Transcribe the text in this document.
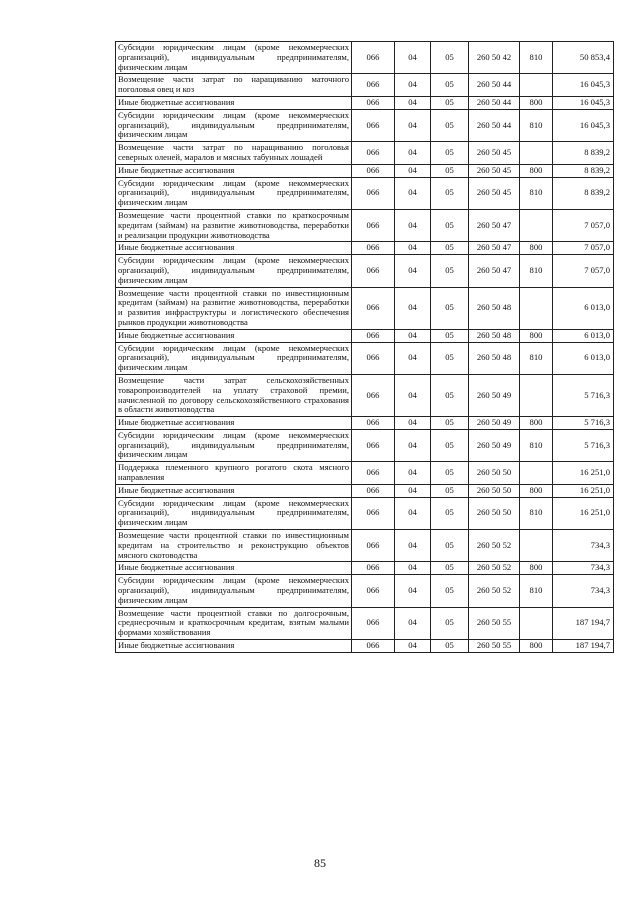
Субсидии юридическим лицам (кроме некоммерческих организаций), индивидуальным предпринимателям, физическим лицам	066	04	05	260 50 42	810	50 853,4
Возмещение части затрат по наращиванию маточного поголовья овец и коз	066	04	05	260 50 44		16 045,3
Иные бюджетные ассигнования	066	04	05	260 50 44	800	16 045,3
Субсидии юридическим лицам (кроме некоммерческих организаций), индивидуальным предпринимателям, физическим лицам	066	04	05	260 50 44	810	16 045,3
Возмещение части затрат по наращиванию поголовья северных оленей, маралов и мясных табунных лошадей	066	04	05	260 50 45		8 839,2
Иные бюджетные ассигнования	066	04	05	260 50 45	800	8 839,2
Субсидии юридическим лицам (кроме некоммерческих организаций), индивидуальным предпринимателям, физическим лицам	066	04	05	260 50 45	810	8 839,2
Возмещение части процентной ставки по краткосрочным кредитам (займам) на развитие животноводства, переработки и реализации продукции животноводства	066	04	05	260 50 47		7 057,0
Иные бюджетные ассигнования	066	04	05	260 50 47	800	7 057,0
Субсидии юридическим лицам (кроме некоммерческих организаций), индивидуальным предпринимателям, физическим лицам	066	04	05	260 50 47	810	7 057,0
Возмещение части процентной ставки по инвестиционным кредитам (займам) на развитие животноводства, переработки и развития инфраструктуры и логистического обеспечения рынков продукции животноводства	066	04	05	260 50 48		6 013,0
Иные бюджетные ассигнования	066	04	05	260 50 48	800	6 013,0
Субсидии юридическим лицам (кроме некоммерческих организаций), индивидуальным предпринимателям, физическим лицам	066	04	05	260 50 48	810	6 013,0
Возмещение части затрат сельскохозяйственных товаропроизводителей на уплату страховой премии, начисленной по договору сельскохозяйственного страхования в области животноводства	066	04	05	260 50 49		5 716,3
Иные бюджетные ассигнования	066	04	05	260 50 49	800	5 716,3
Субсидии юридическим лицам (кроме некоммерческих организаций), индивидуальным предпринимателям, физическим лицам	066	04	05	260 50 49	810	5 716,3
Поддержка племенного крупного рогатого скота мясного направления	066	04	05	260 50 50		16 251,0
Иные бюджетные ассигнования	066	04	05	260 50 50	800	16 251,0
Субсидии юридическим лицам (кроме некоммерческих организаций), индивидуальным предпринимателям, физическим лицам	066	04	05	260 50 50	810	16 251,0
Возмещение части процентной ставки по инвестиционным кредитам на строительство и реконструкцию объектов мясного скотоводства	066	04	05	260 50 52		734,3
Иные бюджетные ассигнования	066	04	05	260 50 52	800	734,3
Субсидии юридическим лицам (кроме некоммерческих организаций), индивидуальным предпринимателям, физическим лицам	066	04	05	260 50 52	810	734,3
Возмещение части процентной ставки по долгосрочным, среднесрочным и краткосрочным кредитам, взятым малыми формами хозяйствования	066	04	05	260 50 55		187 194,7
Иные бюджетные ассигнования	066	04	05	260 50 55	800	187 194,7
85
